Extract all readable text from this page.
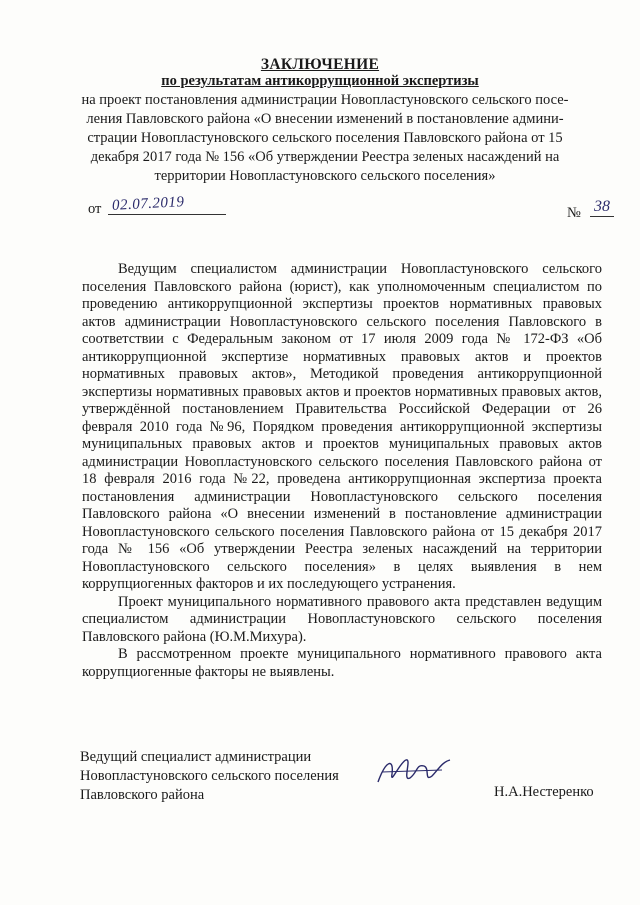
ЗАКЛЮЧЕНИЕ
по результатам антикоррупционной экспертизы
на проект постановления администрации Новопластуновского сельского посе-
ления Павловского района «О внесении изменений в постановление админи-
страции Новопластуновского сельского поселения Павловского района от 15
декабря 2017 года № 156 «Об утверждении Реестра зеленых насаждений на
территории Новопластуновского сельского поселения»
от 02.07.2019	№ 38

Ведущим специалистом администрации Новопластуновского сельского поселения Павловского района (юрист), как уполномоченным специалистом по проведению антикоррупционной экспертизы проектов нормативных правовых актов администрации Новопластуновского сельского поселения Павловского в соответствии с Федеральным законом от 17 июля 2009 года № 172-ФЗ «Об антикоррупционной экспертизе нормативных правовых актов и проектов нормативных правовых актов», Методикой проведения антикоррупционной экспертизы нормативных правовых актов и проектов нормативных правовых актов, утверждённой постановлением Правительства Российской Федерации от 26 февраля 2010 года №96, Порядком проведения антикоррупционной экспертизы муниципальных правовых актов и проектов муниципальных правовых актов администрации Новопластуновского сельского поселения Павловского района от 18 февраля 2016 года №22, проведена антикоррупционная экспертиза проекта постановления администрации Новопластуновского сельского поселения Павловского района «О внесении изменений в постановление администрации Новопластуновского сельского поселения Павловского района от 15 декабря 2017 года № 156 «Об утверждении Реестра зеленых насаждений на территории Новопластуновского сельского поселения» в целях выявления в нем коррупциогенных факторов и их последующего устранения.

Проект муниципального нормативного правового акта представлен ведущим специалистом администрации Новопластуновского сельского поселения Павловского района (Ю.М.Михура).

В рассмотренном проекте муниципального нормативного правового акта коррупциогенные факторы не выявлены.

Ведущий специалист администрации
Новопластуновского сельского поселения
Павловского района	Н.А.Нестеренко
